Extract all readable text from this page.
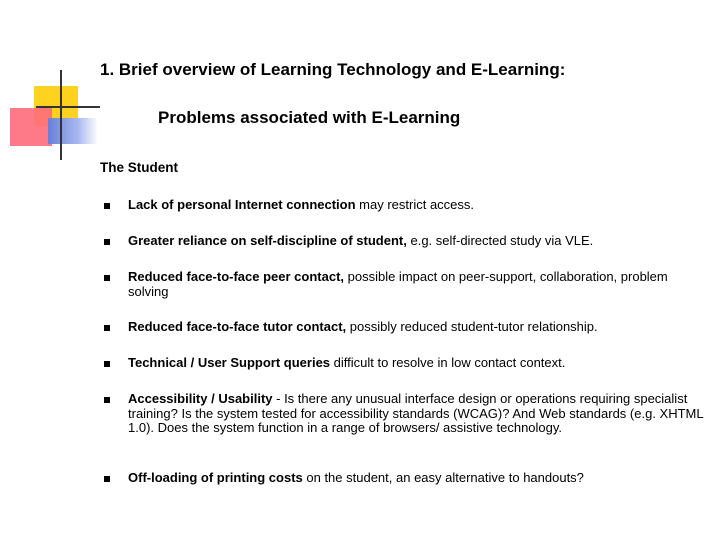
1. Brief overview of Learning Technology and E-Learning:
Problems associated with E-Learning
The Student
Lack of personal Internet connection may restrict access.
Greater reliance on self-discipline of student, e.g. self-directed study via VLE.
Reduced face-to-face peer contact, possible impact on peer-support, collaboration, problem solving
Reduced face-to-face tutor contact, possibly reduced student-tutor relationship.
Technical / User Support queries difficult to resolve in low contact context.
Accessibility / Usability - Is there any unusual interface design or operations requiring specialist training? Is the system tested for accessibility standards (WCAG)? And Web standards (e.g. XHTML 1.0). Does the system function in a range of browsers/ assistive technology.
Off-loading of printing costs on the student, an easy alternative to handouts?
